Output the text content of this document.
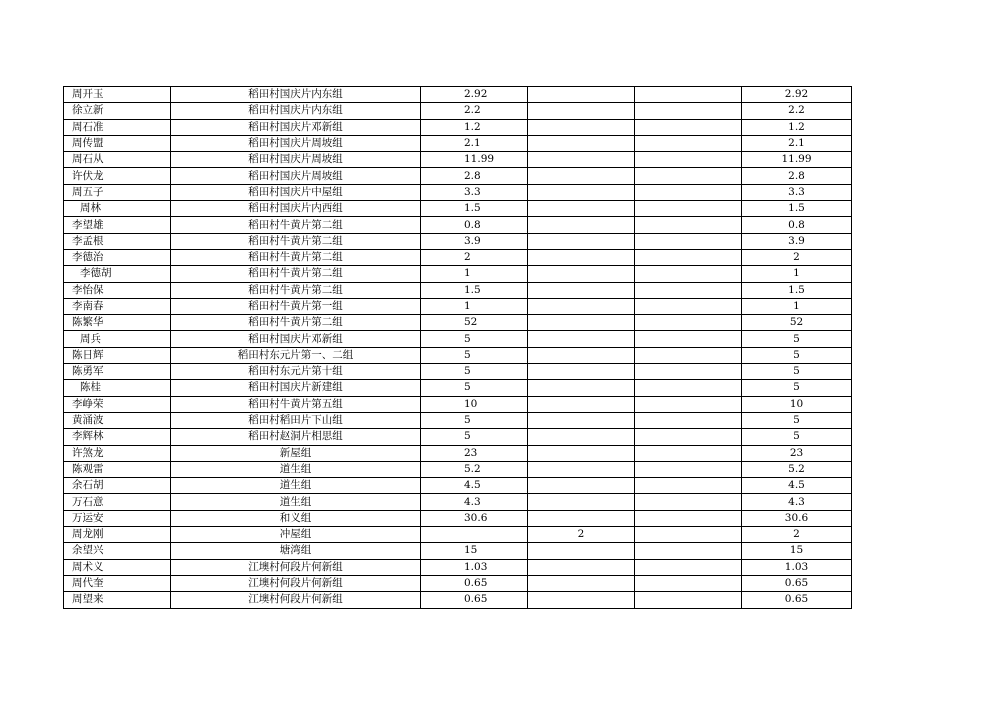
周开玉	稻田村国庆片内东组	2.92			2.92
徐立新	稻田村国庆片内东组	2.2			2.2
周石准	稻田村国庆片邓新组	1.2			1.2
周传盟	稻田村国庆片周坡组	2.1			2.1
周石从	稻田村国庆片周坡组	11.99			11.99
许伏龙	稻田村国庆片周坡组	2.8			2.8
周五子	稻田村国庆片中屋组	3.3			3.3
周林	稻田村国庆片内西组	1.5			1.5
李望雄	稻田村牛黄片第二组	0.8			0.8
李孟根	稻田村牛黄片第二组	3.9			3.9
李德治	稻田村牛黄片第二组	2			2
李德胡	稻田村牛黄片第二组	1			1
李怡保	稻田村牛黄片第二组	1.5			1.5
李南春	稻田村牛黄片第一组	1			1
陈繁华	稻田村牛黄片第二组	52			52
周兵	稻田村国庆片邓新组	5			5
陈日辉	稻田村东元片第一、二组	5			5
陈勇军	稻田村东元片第十组	5			5
陈桂	稻田村国庆片新建组	5			5
李峥荣	稻田村牛黄片第五组	10			10
黄涌波	稻田村稻田片下山组	5			5
李辉林	稻田村赵洞片相思组	5			5
许煞龙	新屋组	23			23
陈观雷	道生组	5.2			5.2
余石胡	道生组	4.5			4.5
万石意	道生组	4.3			4.3
万运安	和义组	30.6			30.6
周龙刚	冲屋组		2		2
余望兴	塘湾组	15			15
周术义	江墺村何段片何新组	1.03			1.03
周代奎	江墺村何段片何新组	0.65			0.65
周望来	江墺村何段片何新组	0.65			0.65
